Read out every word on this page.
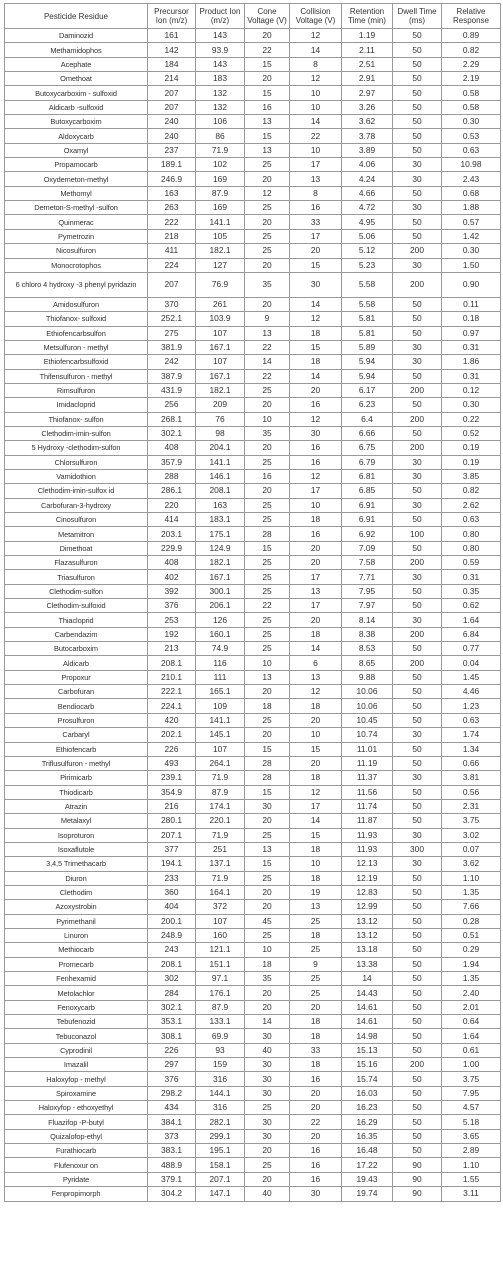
Pesticide Residue	Precursor Ion (m/z)	Product Ion (m/z)	Cone Voltage (V)	Collision Voltage (V)	Retention Time (min)	Dwell Time (ms)	Relative Response
Daminozid	161	143	20	12	1.19	50	0.89
Methamidophos	142	93.9	22	14	2.11	50	0.82
Acephate	184	143	15	8	2.51	50	2.29
Omethoat	214	183	20	12	2.91	50	2.19
Butoxycarboxim - sulfoxid	207	132	15	10	2.97	50	0.58
Aldicarb -sulfoxid	207	132	16	10	3.26	50	0.58
Butoxycarboxim	240	106	13	14	3.62	50	0.30
Aldoxycarb	240	86	15	22	3.78	50	0.53
Oxamyl	237	71.9	13	10	3.89	50	0.63
Propamocarb	189.1	102	25	17	4.06	30	10.98
Oxydemeton-methyl	246.9	169	20	13	4.24	30	2.43
Methomyl	163	87.9	12	8	4.66	50	0.68
Demeton-S-methyl -sulfon	263	169	25	16	4.72	30	1.88
Quinmerac	222	141.1	20	33	4.95	50	0.57
Pymetrozin	218	105	25	17	5.06	50	1.42
Nicosulfuron	411	182.1	25	20	5.12	200	0.30
Monocrotophos	224	127	20	15	5.23	30	1.50
6 chloro 4 hydroxy -3 phenyl pyridazin	207	76.9	35	30	5.58	200	0.90
Amidosulfuron	370	261	20	14	5.58	50	0.11
Thiofanox- sulfoxid	252.1	103.9	9	12	5.81	50	0.18
Ethiofencarbsulfon	275	107	13	18	5.81	50	0.97
Metsulfuron - methyl	381.9	167.1	22	15	5.89	30	0.31
Ethiofencarbsulfoxid	242	107	14	18	5.94	30	1.86
Thifensulfuron - methyl	387.9	167.1	22	14	5.94	50	0.31
Rimsulfuron	431.9	182.1	25	20	6.17	200	0.12
Imidacloprid	256	209	20	16	6.23	50	0.30
Thiofanox- sulfon	268.1	76	10	12	6.4	200	0.22
Clethodim-imin-sulfon	302.1	98	35	30	6.66	50	0.52
5 Hydroxy -clethodim-sulfon	408	204.1	20	16	6.75	200	0.19
Chlorsulfuron	357.9	141.1	25	16	6.79	30	0.19
Vamidothion	288	146.1	16	12	6.81	30	3.85
Clethodim-imin-sulfox id	286.1	208.1	20	17	6.85	50	0.82
Carbofuran-3-hydroxy	220	163	25	10	6.91	30	2.62
Cinosulfuron	414	183.1	25	18	6.91	50	0.63
Metamitron	203.1	175.1	28	16	6.92	100	0.80
Dimethoat	229.9	124.9	15	20	7.09	50	0.80
Flazasulfuron	408	182.1	25	20	7.58	200	0.59
Triasulfuron	402	167.1	25	17	7.71	30	0.31
Clethodim-sulfon	392	300.1	25	13	7.95	50	0.35
Clethodim-sulfoxid	376	206.1	22	17	7.97	50	0.62
Thiacloprid	253	126	25	20	8.14	30	1.64
Carbendazim	192	160.1	25	18	8.38	200	6.84
Butocarboxim	213	74.9	25	14	8.53	50	0.77
Aldicarb	208.1	116	10	6	8.65	200	0.04
Propoxur	210.1	111	13	13	9.88	50	1.45
Carbofuran	222.1	165.1	20	12	10.06	50	4.46
Bendiocarb	224.1	109	18	18	10.06	50	1.23
Prosulfuron	420	141.1	25	20	10.45	50	0.63
Carbaryl	202.1	145.1	20	10	10.74	30	1.74
Ethiofencarb	226	107	15	15	11.01	50	1.34
Triflusulfuron - methyl	493	264.1	28	20	11.19	50	0.66
Pirimicarb	239.1	71.9	28	18	11.37	30	3.81
Thiodicarb	354.9	87.9	15	12	11.56	50	0.56
Atrazin	216	174.1	30	17	11.74	50	2.31
Metalaxyl	280.1	220.1	20	14	11.87	50	3.75
Isoproturon	207.1	71.9	25	15	11.93	30	3.02
Isoxaflutole	377	251	13	18	11.93	300	0.07
3,4,5 Trimethacarb	194.1	137.1	15	10	12.13	30	3.62
Diuron	233	71.9	25	18	12.19	50	1.10
Clethodim	360	164.1	20	19	12.83	50	1.35
Azoxystrobin	404	372	20	13	12.99	50	7.66
Pyrimethanil	200.1	107	45	25	13.12	50	0.28
Linuron	248.9	160	25	18	13.12	50	0.51
Methiocarb	243	121.1	10	25	13.18	50	0.29
Promecarb	208.1	151.1	18	9	13.38	50	1.94
Fenhexamid	302	97.1	35	25	14	50	1.35
Metolachlor	284	176.1	20	25	14.43	50	2.40
Fenoxycarb	302.1	87.9	20	20	14.61	50	2.01
Tebufenozid	353.1	133.1	14	18	14.61	50	0.64
Tebuconazol	308.1	69.9	30	18	14.98	50	1.64
Cyprodinil	226	93	40	33	15.13	50	0.61
Imazalil	297	159	30	18	15.16	200	1.00
Haloxyfop - methyl	376	316	30	16	15.74	50	3.75
Spiroxamine	298.2	144.1	30	20	16.03	50	7.95
Haloxyfop - ethoxyethyl	434	316	25	20	16.23	50	4.57
Fluazifop -P-butyl	384.1	282.1	30	22	16.29	50	5.18
Quizalofop-ethyl	373	299.1	30	20	16.35	50	3.65
Furathiocarb	383.1	195.1	20	16	16.48	50	2.89
Flufenoxur on	488.9	158.1	25	16	17.22	90	1.10
Pyridate	379.1	207.1	20	16	19.43	90	1.55
Fenpropimorph	304.2	147.1	40	30	19.74	90	3.11
